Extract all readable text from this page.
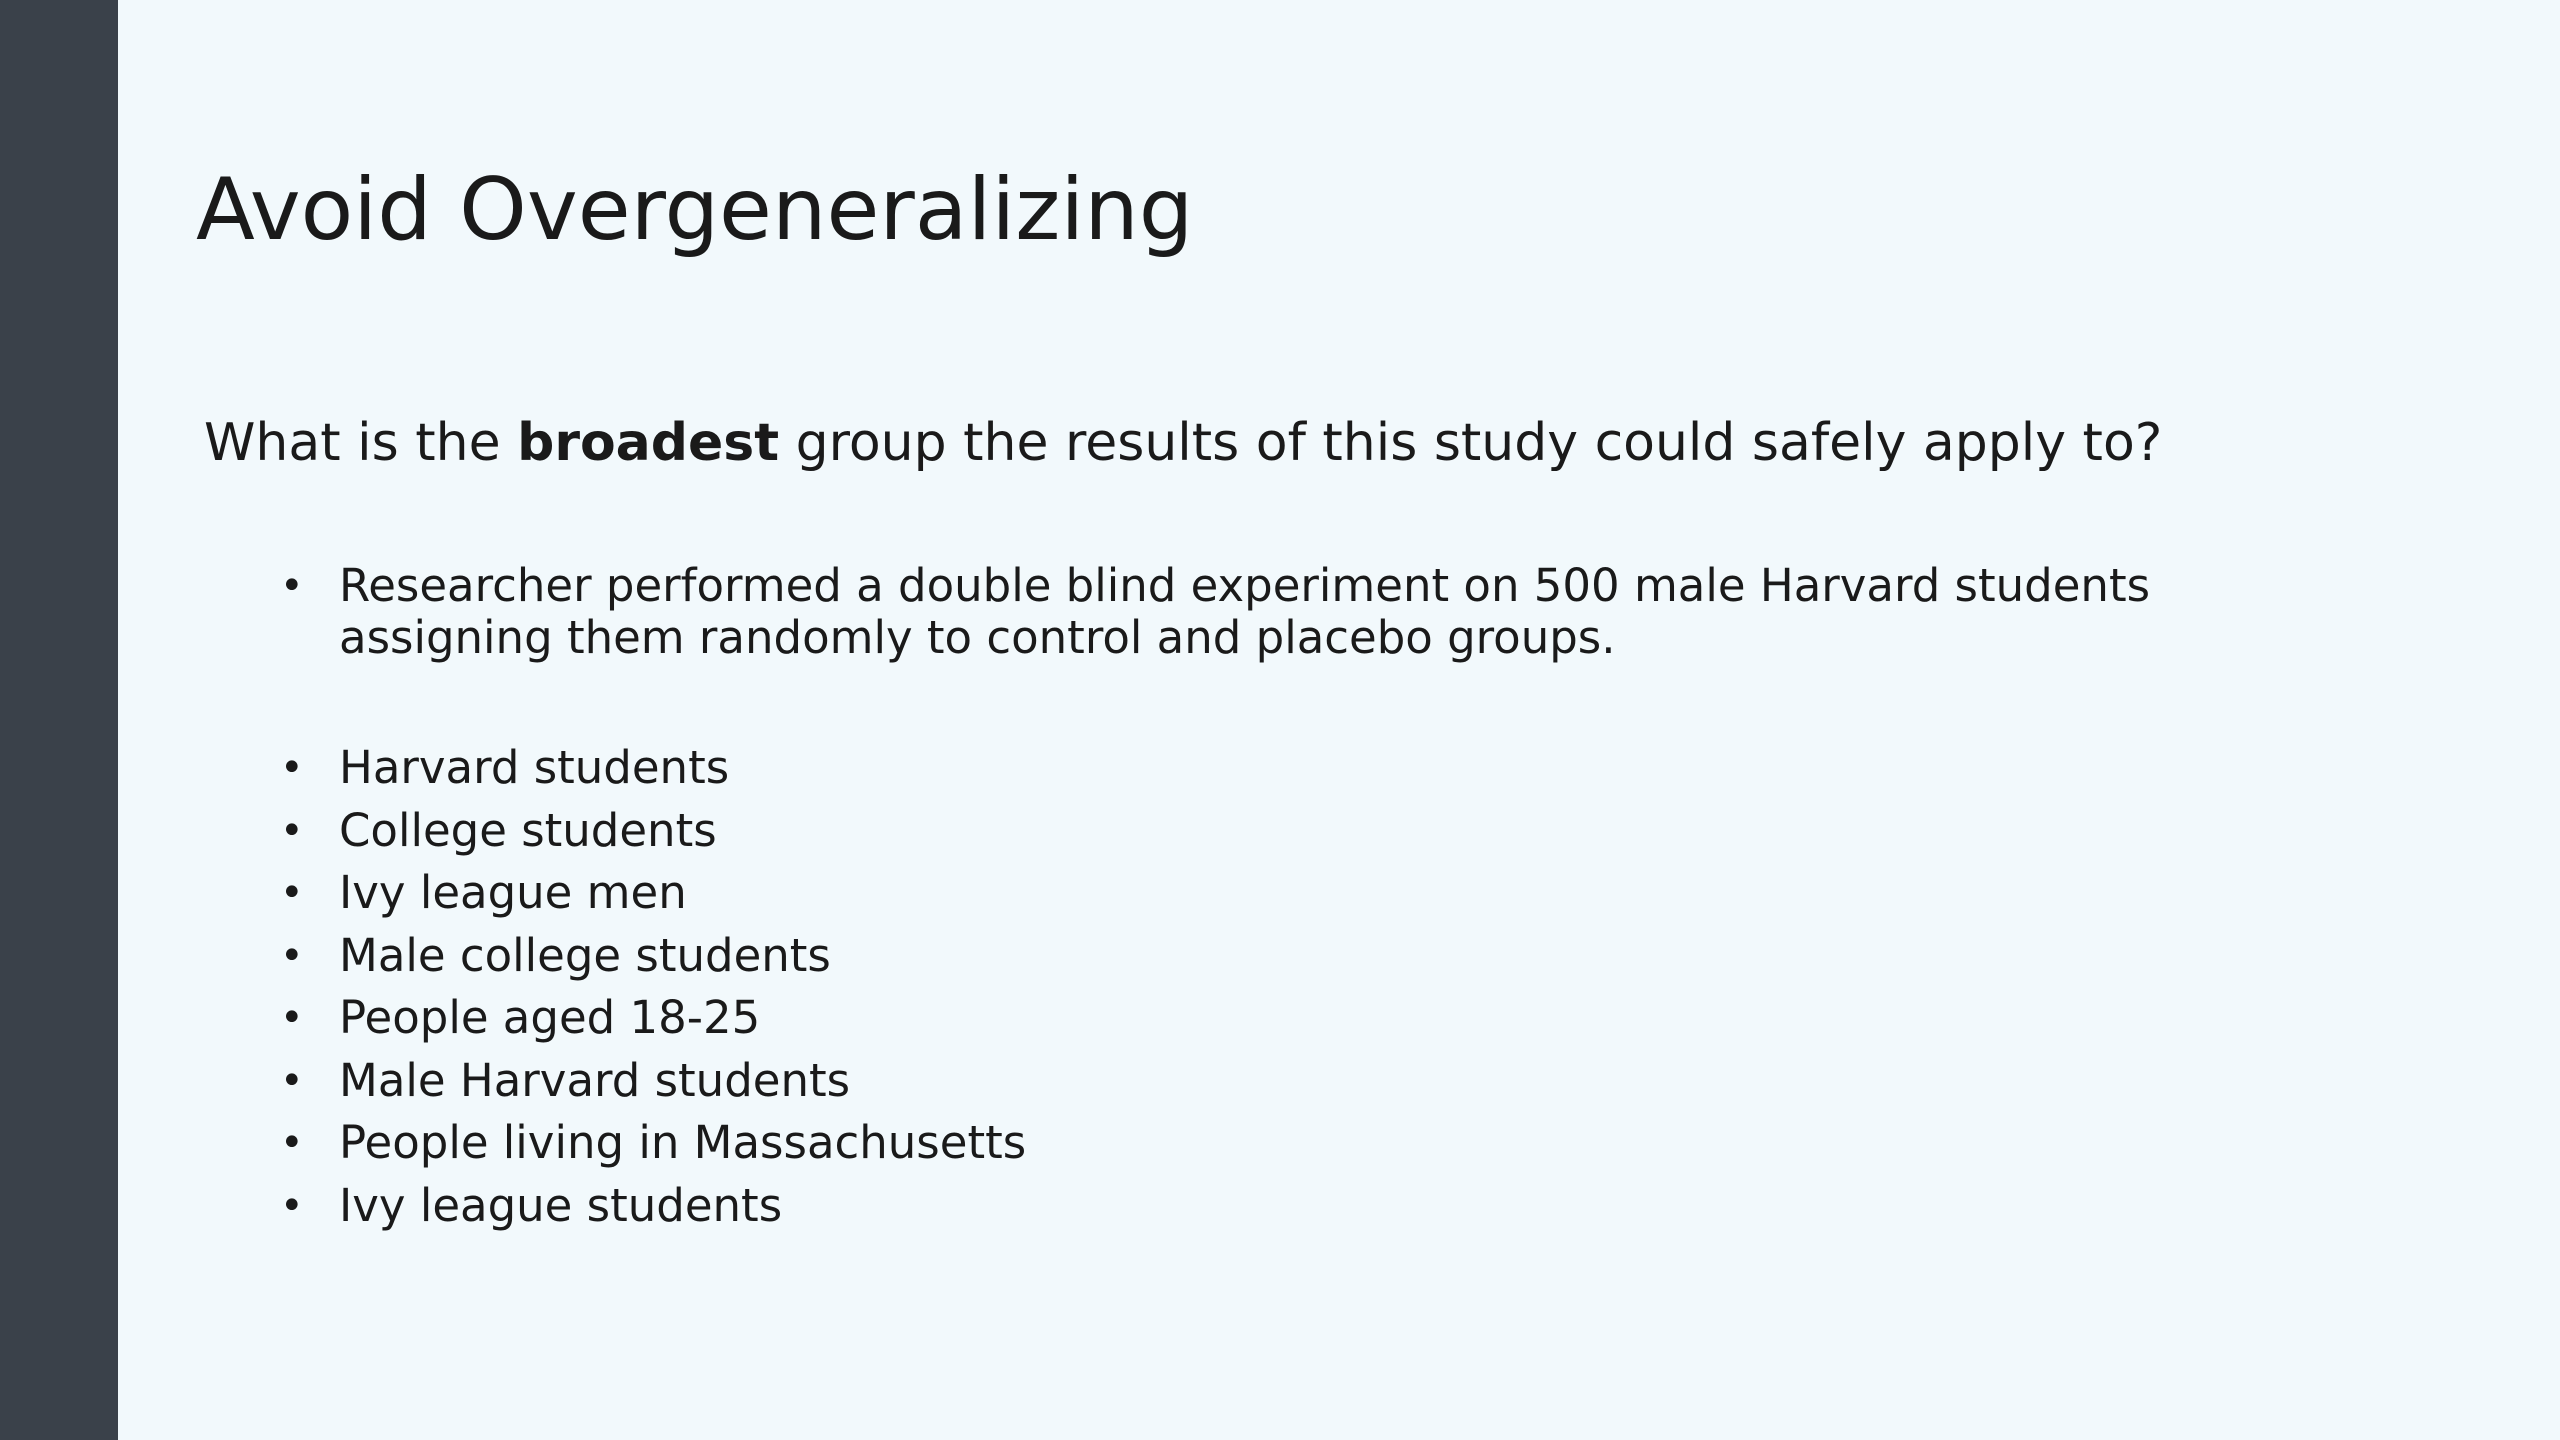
Avoid Overgeneralizing
What is the broadest group the results of this study could safely apply to?
• Researcher performed a double blind experiment on 500 male Harvard students
assigning them randomly to control and placebo groups.
• Harvard students
• College students
• Ivy league men
• Male college students
• People aged 18-25
• Male Harvard students
• People living in Massachusetts
• Ivy league students
